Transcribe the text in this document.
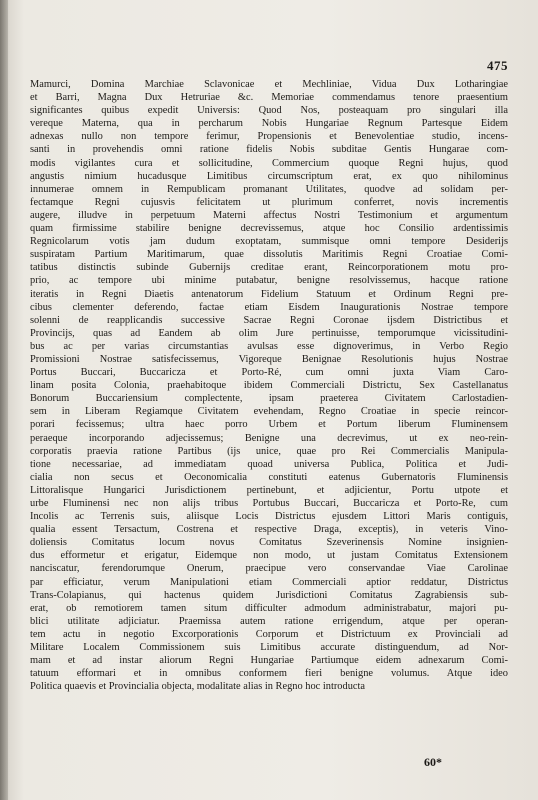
475
Mamurci, Domina Marchiae Sclavonicae et Mechliniae, Vidua Dux Lotharingiae
et Barri, Magna Dux Hetruriae &c. Memoriae commendamus tenore praesentium
significantes quibus expedit Universis: Quod Nos, posteaquam pro singulari illa
vereque Materna, qua in percharum Nobis Hungariae Regnum Partesque Eidem
adnexas nullo non tempore ferimur, Propensionis et Benevolentiae studio, incens-
santi in provehendis omni ratione fidelis Nobis subditae Gentis Hungarae com-
modis vigilantes cura et sollicitudine, Commercium quoque Regni hujus, quod
angustis nimium hucadusque Limitibus circumscriptum erat, ex quo nihilominus
innumerae omnem in Rempublicam promanant Utilitates, quodve ad solidam per-
fectamque Regni cujusvis felicitatem ut plurimum conferret, novis incrementis
augere, illudve in perpetuum Materni affectus Nostri Testimonium et argumentum
quam firmissime stabilire benigne decrevissemus, atque hoc Consilio ardentissimis
Regnicolarum votis jam dudum exoptatam, summisque omni tempore Desiderijs
suspiratam Partium Maritimarum, quae dissolutis Maritimis Regni Croatiae Comi-
tatibus distinctis subinde Gubernijs creditae erant, Reincorporationem motu pro-
prio, ac tempore ubi minime putabatur, benigne resolvissemus, hacque ratione
iteratis in Regni Diaetis antenatorum Fidelium Statuum et Ordinum Regni pre-
cibus clementer deferendo, factae etiam Eisdem Inaugurationis Nostrae tempore
solenni de reapplicandis successive Sacrae Regni Coronae ijsdem Districtibus et
Provincijs, quas ad Eandem ab olim Jure pertinuisse, temporumque vicissitudini-
bus ac per varias circumstantias avulsas esse dignoverimus, in Verbo Regio
Promissioni Nostrae satisfecissemus, Vigoreque Benignae Resolutionis hujus Nostrae
Portus Buccari, Buccaricza et Porto-Ré, cum omni juxta Viam Caro-
linam posita Colonia, praehabitoque ibidem Commerciali Districtu, Sex Castellanatus
Bonorum Buccariensium complectente, ipsam praeterea Civitatem Carlostadien-
sem in Liberam Regiamque Civitatem evehendam, Regno Croatiae in specie reincor-
porari fecissemus; ultra haec porro Urbem et Portum liberum Fluminensem
peraeque incorporando adjecissemus; Benigne una decrevimus, ut ex neo-rein-
corporatis praevia ratione Partibus (ijs unice, quae pro Rei Commercialis Manipula-
tione necessariae, ad immediatam quoad universa Publica, Politica et Judi-
cialia non secus et Oeconomicalia constituti eatenus Gubernatoris Fluminensis
Littoralisque Hungarici Jurisdictionem pertinebunt, et adjicientur, Portu utpote et
urbe Fluminensi nec non alijs tribus Portubus Buccari, Buccaricza et Porto-Re, cum
Incolis ac Terrenis suis, aliisque Locis Districtus ejusdem Littori Maris contiguis,
qualia essent Tersactum, Costrena et respective Draga, exceptis), in veteris Vino-
doliensis Comitatus locum novus Comitatus Szeverinensis Nomine insignien-
dus efformetur et erigatur, Eidemque non modo, ut justam Comitatus Extensionem
nanciscatur, ferendorumque Onerum, praecipue vero conservandae Viae Carolinae
par efficiatur, verum Manipulationi etiam Commerciali aptior reddatur, Districtus
Trans-Colapianus, qui hactenus quidem Jurisdictioni Comitatus Zagrabiensis sub-
erat, ob remotiorem tamen situm difficulter admodum administrabatur, majori pu-
blici utilitate adjiciatur. Praemissa autem ratione errigendum, atque per operan-
tem actu in negotio Excorporationis Corporum et Districtuum ex Provinciali ad
Militare Localem Commissionem suis Limitibus accurate distinguendum, ad Nor-
mam et ad instar aliorum Regni Hungariae Partiumque eidem adnexarum Comi-
tatuum efformari et in omnibus conformem fieri benigne volumus. Atque ideo
Politica quaevis et Provincialia objecta, modalitate alias in Regno hoc introducta
60*
